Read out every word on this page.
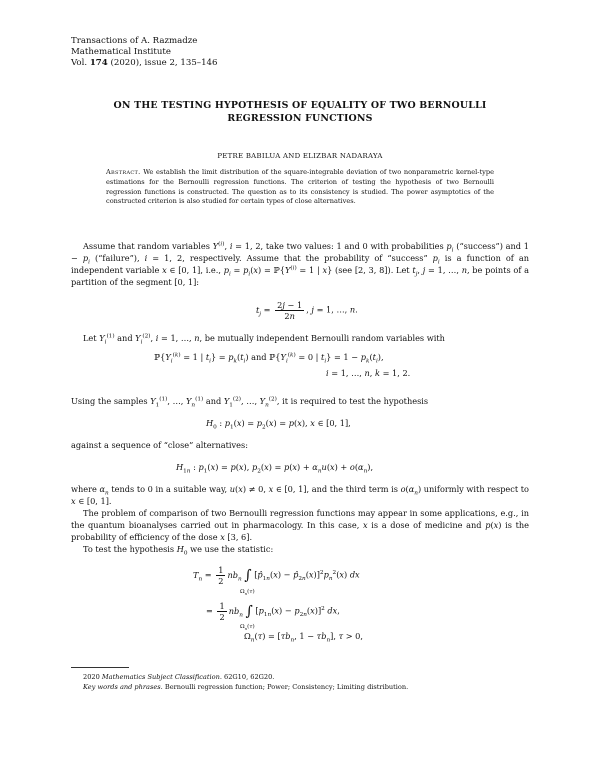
Transactions of A. Razmadze
Mathematical Institute
Vol. 174 (2020), issue 2, 135–146
ON THE TESTING HYPOTHESIS OF EQUALITY OF TWO BERNOULLI
REGRESSION FUNCTIONS
PETRE BABILUA AND ELIZBAR NADARAYA
Abstract. We establish the limit distribution of the square-integrable deviation of two nonparametric kernel-type estimations for the Bernoulli regression functions. The criterion of testing the hypothesis of two Bernoulli regression functions is constructed. The question as to its consistency is studied. The power asymptotics of the constructed criterion is also studied for certain types of close alternatives.

Assume that random variables $Y^{(i)}$, i = 1, 2, take two values: 1 and 0 with probabilities $p_i$ (“success”) and $1 - p_i$ (“failure”), i = 1, 2, respectively. Assume that the probability of “success” $p_i$ is a function of an independent variable x ∈ [0, 1], i.e., $p_i = p_i(x)$ = $ℙ\{Y^{(i)} = 1$ | x} (see [2, 3, 8]). Let $t_j$, j = 1, …, n, be points of a partition of the segment [0, 1]:

$t_j = \frac{2j - 1}{2n}$ , j = 1, …, n.

Let $Y_i^{(1)}$ and $Y_i^{(2)}$, i = 1, …, n, be mutually independent Bernoulli random variables with

$ℙ\{Y_i^{(k)} = 1$ | $t_i\} = p_k(t_i)$ and $ℙ\{Y_i^{(k)} = 0$ | $t_i\} = 1 - p_k(t_i)$,
i = 1, …, n, k = 1, 2.

Using the samples $Y_1^{(1)}$, …, $Y_n^{(1)}$ and $Y_1^{(2)}$, …, $Y_n^{(2)}$, it is required to test the hypothesis

$H_0$ : $p_1(x) = p_2(x) = p(x)$, x ∈ [0, 1],

against a sequence of “close” alternatives:

$H_{1n}$ : $p_1(x) = p(x)$, $p_2(x) = p(x) + \alpha_nu(x) + o(\alpha_n)$,

where $\alpha_n$ tends to 0 in a suitable way, u(x) ≠ 0, x ∈ [0, 1], and the third term is $o(\alpha_n)$ uniformly with respect to x ∈ [0, 1].

The problem of comparison of two Bernoulli regression functions may appear in some applications, e.g., in the quantum bioanalyses carried out in pharmacology. In this case, x is a dose of medicine and p(x) is the probability of efficiency of the dose x [3, 6].

To test the hypothesis $H_0$ we use the statistic:

$T_n = \frac{1}{2} nb_n$ ∫ [$p̂_{1n}(x)$ − $p̂_{2n}(x)]^2p_n^2(x)$ dx
$\Omega_n(\tau)$
= $\frac{1}{2} nb_n$ ∫ $[p_{1n}(x) - p_{2n}(x)]^2$ dx,
$\Omega_n(\tau)$
$\Omega_n(\tau) = [\tau b_n$, $1 - \tau b_n$], τ > 0,
2020 Mathematics Subject Classification. 62G10, 62G20.
Key words and phrases. Bernoulli regression function; Power; Consistency; Limiting distribution.
